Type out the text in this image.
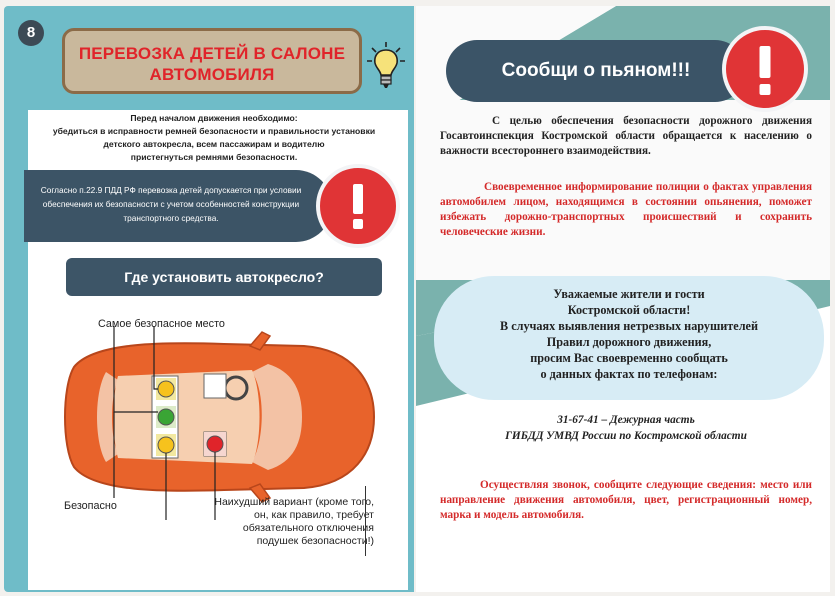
8
ПЕРЕВОЗКА ДЕТЕЙ В САЛОНЕ
АВТОМОБИЛЯ
Перед началом движения необходимо:
убедиться в исправности ремней безопасности и правильности установки
детского автокресла, всем пассажирам и водителю
пристегнуться ремнями безопасности.

Согласно п.22.9 ПДД РФ перевозка детей допускается при условии обеспечения их безопасности с учетом особенностей конструкции транспортного средства.

Где установить автокресло?
Самое безопасное место
Безопасно	Наихудший вариант (кроме того, он, как правило, требует обязательного отключения подушек безопасности!)
Сообщи о пьяном!!!
С целью обеспечения безопасности дорожного движения Госавтоинспекция Костромской области обращается к населению о важности всестороннего взаимодействия.
Своевременное информирование полиции о фактах управления автомобилем лицом, находящимся в состоянии опьянения, поможет избежать дорожно-транспортных происшествий и сохранить человеческие жизни.

Уважаемые жители и гости
Костромской области!
В случаях выявления нетрезвых нарушителей
Правил дорожного движения,
просим Вас своевременно сообщать
о данных фактах по телефонам:

31-67-41 – Дежурная часть
ГИБДД УМВД России по Костромской области
Осуществляя звонок, сообщите следующие сведения: место или направление движения автомобиля, цвет, регистрационный номер, марка и модель автомобиля.
